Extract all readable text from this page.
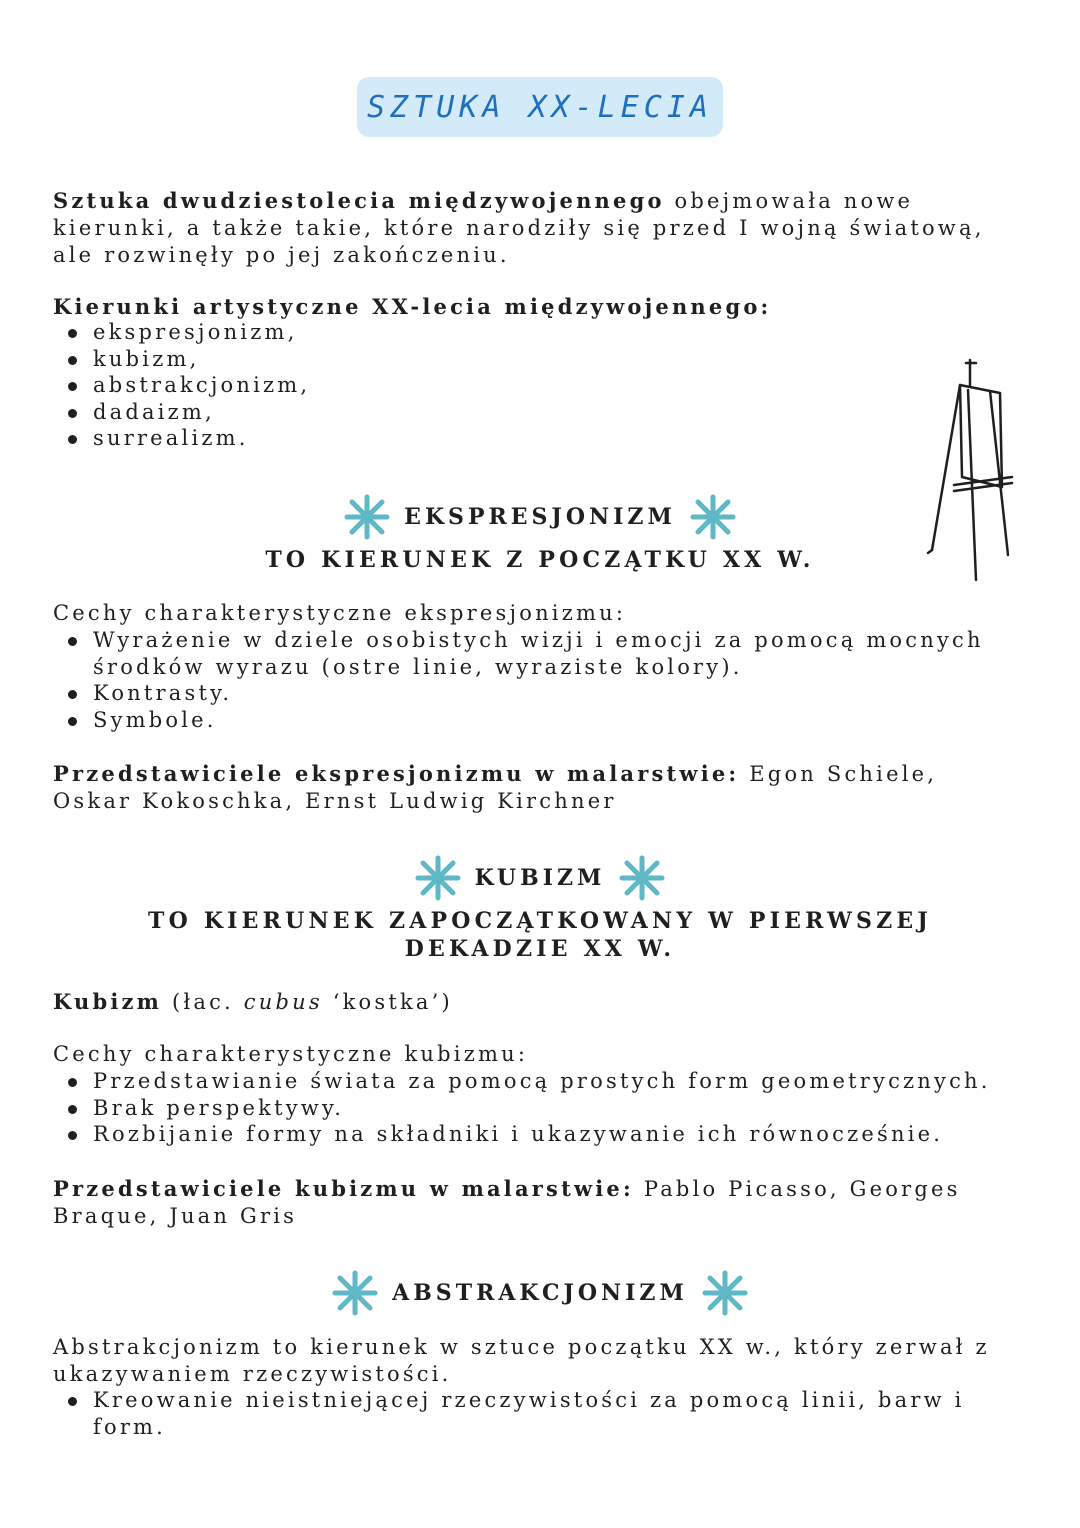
SZTUKA XX-LECIA

Sztuka dwudziestolecia międzywojennego obejmowała nowe kierunki, a także takie, które narodziły się przed I wojną światową, ale rozwinęły po jej zakończeniu.

Kierunki artystyczne XX-lecia międzywojennego:

ekspresjonizm,
kubizm,
abstrakcjonizm,
dadaizm,
surrealizm.
EKSPRESJONIZM
TO KIERUNEK Z POCZĄTKU XX W.

Cechy charakterystyczne ekspresjonizmu:

Wyrażenie w dziele osobistych wizji i emocji za pomocą mocnych środków wyrazu (ostre linie, wyraziste kolory).
Kontrasty.
Symbole.

Przedstawiciele ekspresjonizmu w malarstwie: Egon Schiele, Oskar Kokoschka, Ernst Ludwig Kirchner

KUBIZM
TO KIERUNEK ZAPOCZĄTKOWANY W PIERWSZEJ DEKADZIE XX W.

Kubizm (łac. cubus ‘kostka’)

Cechy charakterystyczne kubizmu:

Przedstawianie świata za pomocą prostych form geometrycznych.
Brak perspektywy.
Rozbijanie formy na składniki i ukazywanie ich równocześnie.

Przedstawiciele kubizmu w malarstwie: Pablo Picasso, Georges Braque, Juan Gris

ABSTRAKCJONIZM

Abstrakcjonizm to kierunek w sztuce początku XX w., który zerwał z ukazywaniem rzeczywistości.

Kreowanie nieistniejącej rzeczywistości za pomocą linii, barw i form.
